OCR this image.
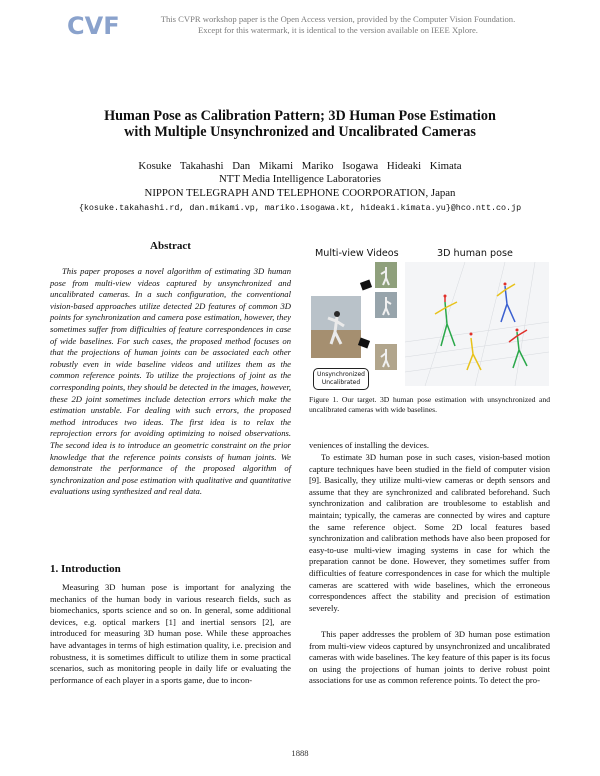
CVF	This CVPR workshop paper is the Open Access version, provided by the Computer Vision Foundation.
Except for this watermark, it is identical to the version available on IEEE Xplore.
Human Pose as Calibration Pattern; 3D Human Pose Estimation
with Multiple Unsynchronized and Uncalibrated Cameras
Kosuke Takahashi Dan Mikami Mariko Isogawa Hideaki Kimata
NTT Media Intelligence Laboratories
NIPPON TELEGRAPH AND TELEPHONE COORPORATION, Japan
{kosuke.takahashi.rd, dan.mikami.vp, mariko.isogawa.kt, hideaki.kimata.yu}@hco.ntt.co.jp
Abstract

This paper proposes a novel algorithm of estimating 3D human pose from multi-view videos captured by unsynchronized and uncalibrated cameras. In a such configuration, the conventional vision-based approaches utilize detected 2D features of common 3D points for synchronization and camera pose estimation, however, they sometimes suffer from difficulties of feature correspondences in case of wide baselines. For such cases, the proposed method focuses on that the projections of human joints can be associated each other robustly even in wide baseline videos and utilizes them as the common reference points. To utilize the projections of joint as the corresponding points, they should be detected in the images, however, these 2D joint sometimes include detection errors which make the estimation unstable. For dealing with such errors, the proposed method introduces two ideas. The first idea is to relax the reprojection errors for avoiding optimizing to noised observations. The second idea is to introduce an geometric constraint on the prior knowledge that the reference points consists of human joints. We demonstrate the performance of the proposed algorithm of synchronization and pose estimation with qualitative and quantitative evaluations using synthesized and real data.

1. Introduction

Measuring 3D human pose is important for analyzing the mechanics of the human body in various research fields, such as biomechanics, sports science and so on. In general, some additional devices, e.g. optical markers [1] and inertial sensors [2], are introduced for measuring 3D human pose. While these approaches have advantages in terms of high estimation quality, i.e. precision and robustness, it is sometimes difficult to utilize them in some practical scenarios, such as monitoring people in daily life or evaluating the performance of each player in a sports game, due to incon-

Multi-view Videos	3D human pose
Unsynchronized
Uncalibrated
Figure 1. Our target. 3D human pose estimation with unsynchronized and uncalibrated cameras with wide baselines.

veniences of installing the devices.

To estimate 3D human pose in such cases, vision-based motion capture techniques have been studied in the field of computer vision [9]. Basically, they utilize multi-view cameras or depth sensors and assume that they are synchronized and calibrated beforehand. Such synchronization and calibration are troublesome to establish and maintain; typically, the cameras are connected by wires and capture the same reference object. Some 2D local features based synchronization and calibration methods have also been proposed for easy-to-use multi-view imaging systems in case for which the preparation cannot be done. However, they sometimes suffer from difficulties of feature correspondences in case for which the multiple cameras are scattered with wide baselines, which the erroneous correspondences affect the stability and precision of estimation severely.

This paper addresses the problem of 3D human pose estimation from multi-view videos captured by unsynchronized and uncalibrated cameras with wide baselines. The key feature of this paper is its focus on using the projections of human joints to derive robust point associations for use as common reference points. To detect the pro-

1888
